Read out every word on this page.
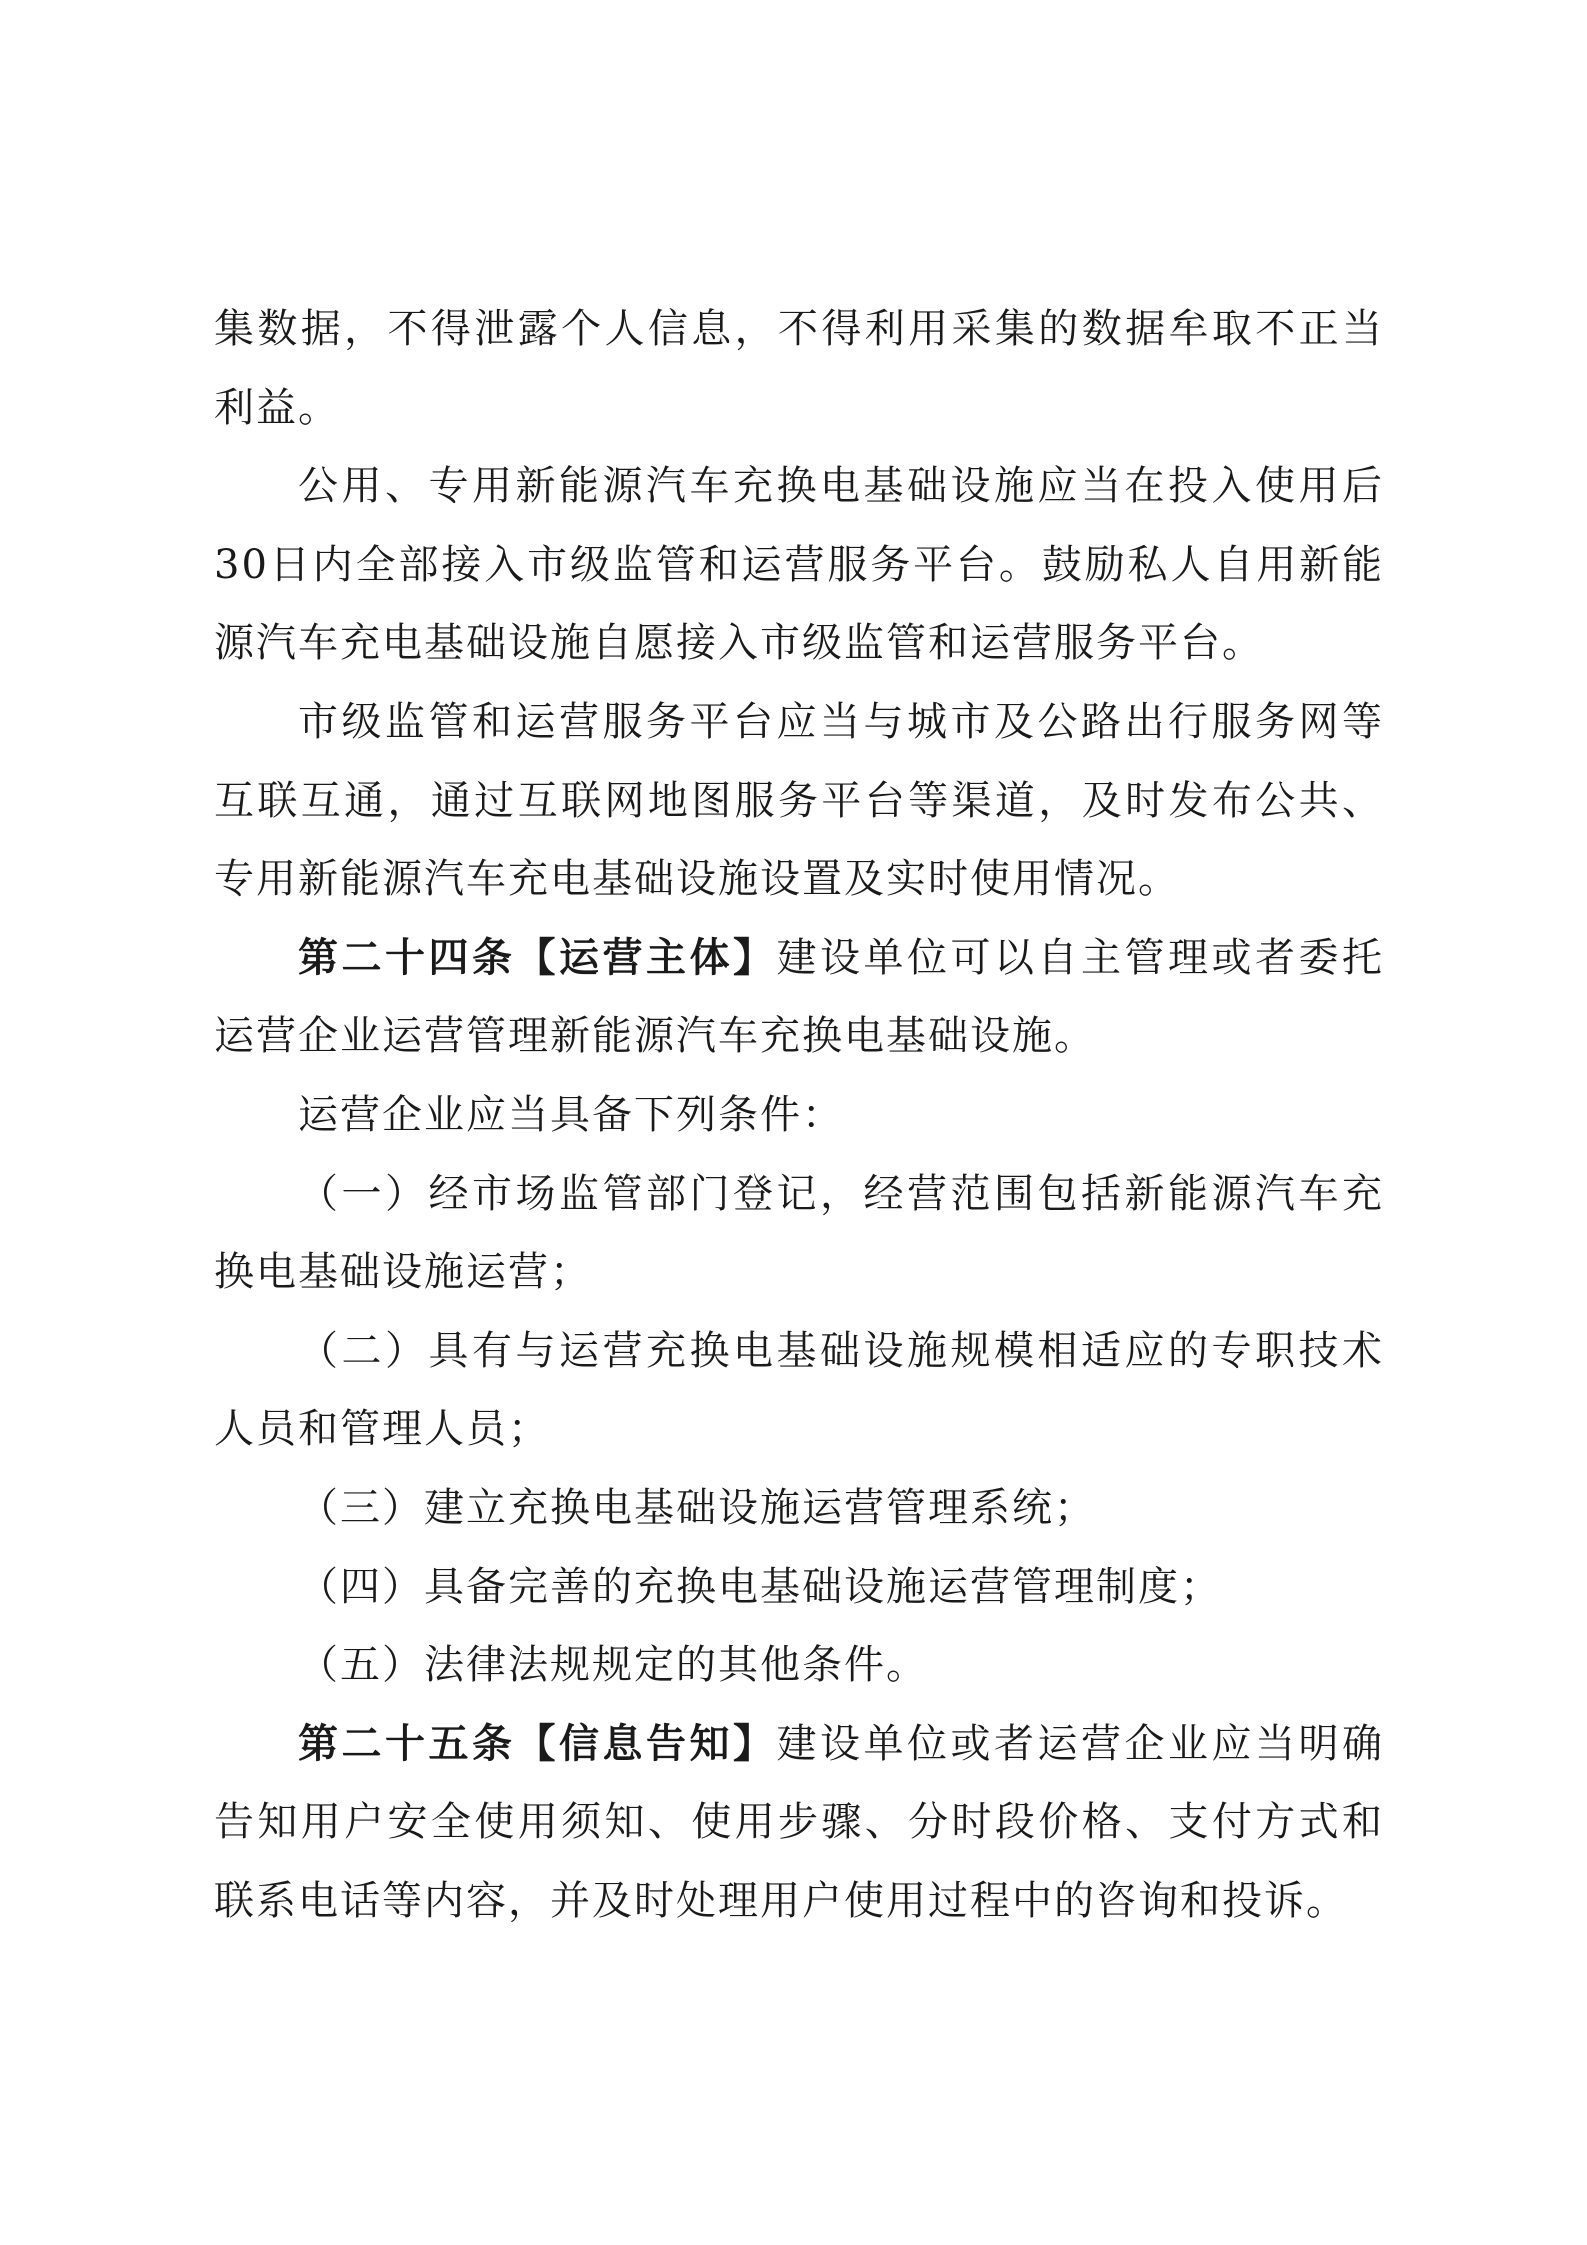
集数据，不得泄露个人信息，不得利用采集的数据牟取不正当利益。

公用、专用新能源汽车充换电基础设施应当在投入使用后30日内全部接入市级监管和运营服务平台。鼓励私人自用新能源汽车充电基础设施自愿接入市级监管和运营服务平台。

市级监管和运营服务平台应当与城市及公路出行服务网等互联互通，通过互联网地图服务平台等渠道，及时发布公共、专用新能源汽车充电基础设施设置及实时使用情况。

第二十四条【运营主体】建设单位可以自主管理或者委托运营企业运营管理新能源汽车充换电基础设施。

运营企业应当具备下列条件：

（一）经市场监管部门登记，经营范围包括新能源汽车充换电基础设施运营；

（二）具有与运营充换电基础设施规模相适应的专职技术人员和管理人员；

（三）建立充换电基础设施运营管理系统；

（四）具备完善的充换电基础设施运营管理制度；

（五）法律法规规定的其他条件。

第二十五条【信息告知】建设单位或者运营企业应当明确告知用户安全使用须知、使用步骤、分时段价格、支付方式和联系电话等内容，并及时处理用户使用过程中的咨询和投诉。
